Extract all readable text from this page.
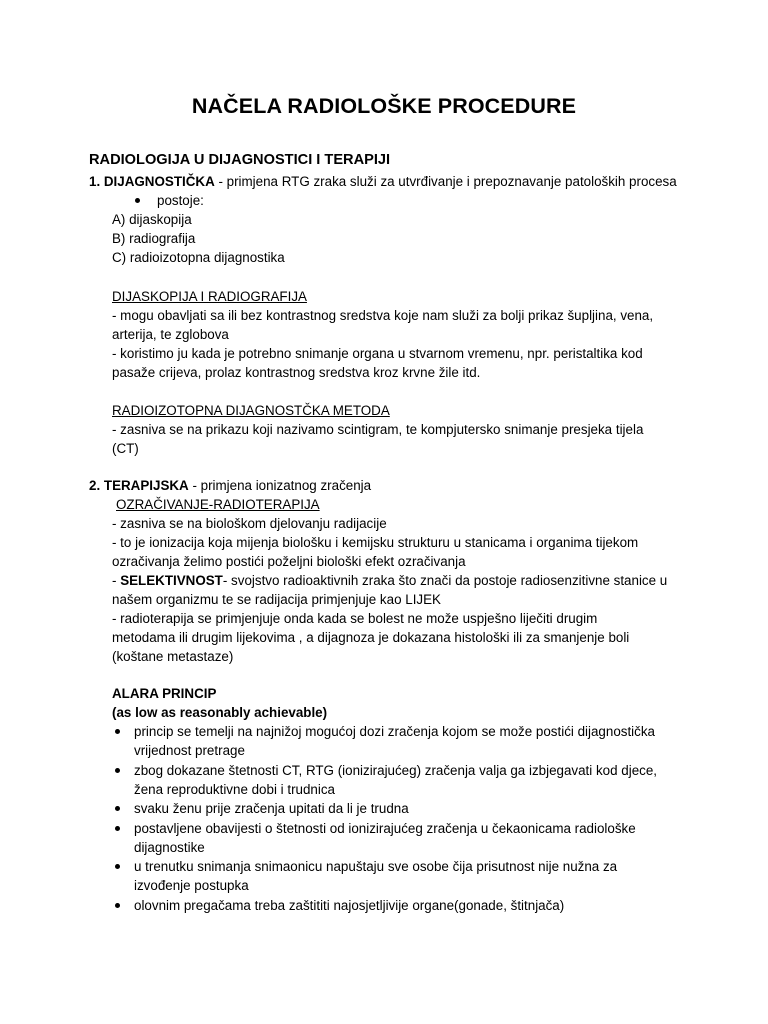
NAČELA RADIOLOŠKE PROCEDURE
RADIOLOGIJA U DIJAGNOSTICI I TERAPIJI
1. DIJAGNOSTIČKA - primjena RTG zraka služi za utvrđivanje i prepoznavanje patoloških procesa
postoje:
A) dijaskopija
B) radiografija
C) radioizotopna dijagnostika
DIJASKOPIJA I RADIOGRAFIJA
- mogu obavljati sa ili bez kontrastnog sredstva koje nam služi za bolji prikaz šupljina, vena,
arterija, te zglobova
- koristimo ju kada je potrebno snimanje organa u stvarnom vremenu, npr. peristaltika kod
pasaže crijeva, prolaz kontrastnog sredstva kroz krvne žile itd.
RADIOIZOTOPNA DIJAGNOSTČKA METODA
- zasniva se na prikazu koji nazivamo scintigram, te kompjutersko snimanje presjeka tijela
(CT)
2. TERAPIJSKA - primjena ionizatnog zračenja
OZRAČIVANJE-RADIOTERAPIJA
- zasniva se na biološkom djelovanju radijacije
- to je ionizacija koja mijenja biološku i kemijsku strukturu u stanicama i organima tijekom
ozračivanja želimo postići poželjni biološki efekt ozračivanja
- SELEKTIVNOST- svojstvo radioaktivnih zraka što znači da postoje radiosenzitivne stanice u
našem organizmu te se radijacija primjenjuje kao LIJEK
- radioterapija se primjenjuje onda kada se bolest ne može uspješno liječiti drugim
metodama ili drugim lijekovima , a dijagnoza je dokazana histološki ili za smanjenje boli
(koštane metastaze)
ALARA PRINCIP
(as low as reasonably achievable)
princip se temelji na najnižoj mogućoj dozi zračenja kojom se može postići dijagnostička
vrijednost pretrage
zbog dokazane štetnosti CT, RTG (ionizirajućeg) zračenja valja ga izbjegavati kod djece,
žena reproduktivne dobi i trudnica
svaku ženu prije zračenja upitati da li je trudna
postavljene obavijesti o štetnosti od ionizirajućeg zračenja u čekaonicama radiološke
dijagnostike
u trenutku snimanja snimaonicu napuštaju sve osobe čija prisutnost nije nužna za
izvođenje postupka
olovnim pregačama treba zaštititi najosjetljivije organe(gonade, štitnjača)
